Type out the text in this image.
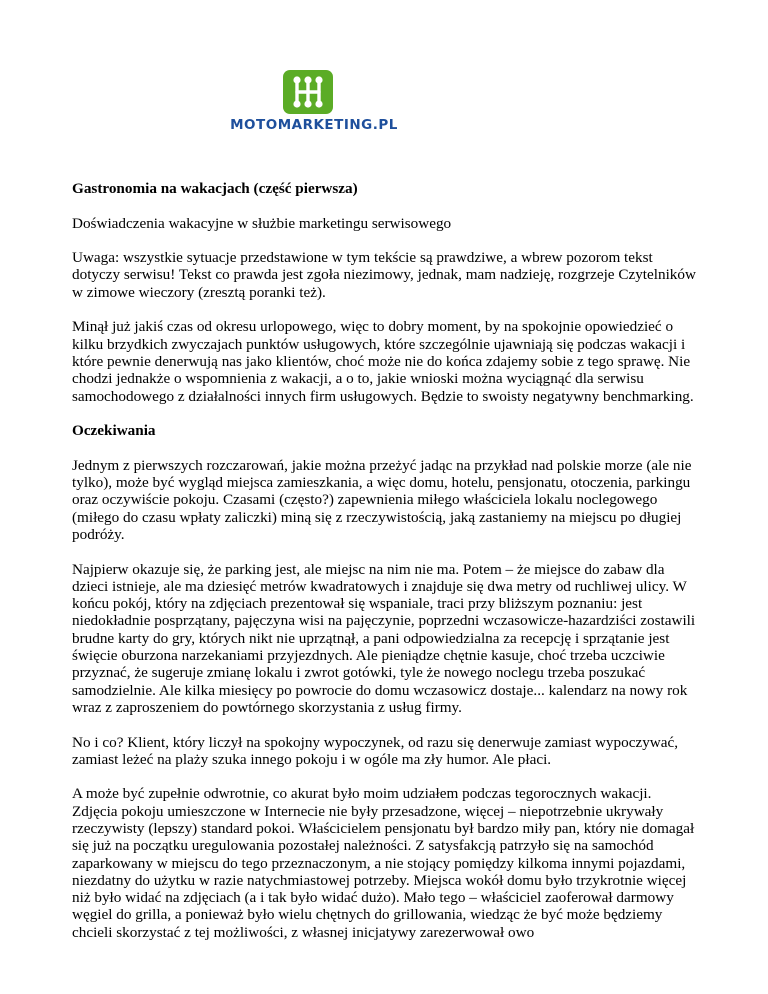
MOTOMARKETING.PL

Gastronomia na wakacjach (część pierwsza)

Doświadczenia wakacyjne w służbie marketingu serwisowego

Uwaga: wszystkie sytuacje przedstawione w tym tekście są prawdziwe, a wbrew pozorom tekst dotyczy serwisu! Tekst co prawda jest zgoła niezimowy, jednak, mam nadzieję, rozgrzeje Czytelników w zimowe wieczory (zresztą poranki też).

Minął już jakiś czas od okresu urlopowego, więc to dobry moment, by na spokojnie opowiedzieć o kilku brzydkich zwyczajach punktów usługowych, które szczególnie ujawniają się podczas wakacji i które pewnie denerwują nas jako klientów, choć może nie do końca zdajemy sobie z tego sprawę. Nie chodzi jednakże o wspomnienia z wakacji, a o to, jakie wnioski można wyciągnąć dla serwisu samochodowego z działalności innych firm usługowych. Będzie to swoisty negatywny benchmarking.

Oczekiwania

Jednym z pierwszych rozczarowań, jakie można przeżyć jadąc na przykład nad polskie morze (ale nie tylko), może być wygląd miejsca zamieszkania, a więc domu, hotelu, pensjonatu, otoczenia, parkingu oraz oczywiście pokoju. Czasami (często?) zapewnienia miłego właściciela lokalu noclegowego (miłego do czasu wpłaty zaliczki) miną się z rzeczywistością, jaką zastaniemy na miejscu po długiej podróży.

Najpierw okazuje się, że parking jest, ale miejsc na nim nie ma. Potem – że miejsce do zabaw dla dzieci istnieje, ale ma dziesięć metrów kwadratowych i znajduje się dwa metry od ruchliwej ulicy. W końcu pokój, który na zdjęciach prezentował się wspaniale, traci przy bliższym poznaniu: jest niedokładnie posprzątany, pajęczyna wisi na pajęczynie, poprzedni wczasowicze-hazardziści zostawili brudne karty do gry, których nikt nie uprzątnął, a pani odpowiedzialna za recepcję i sprzątanie jest święcie oburzona narzekaniami przyjezdnych. Ale pieniądze chętnie kasuje, choć trzeba uczciwie przyznać, że sugeruje zmianę lokalu i zwrot gotówki, tyle że nowego noclegu trzeba poszukać samodzielnie. Ale kilka miesięcy po powrocie do domu wczasowicz dostaje... kalendarz na nowy rok wraz z zaproszeniem do powtórnego skorzystania z usług firmy.

No i co? Klient, który liczył na spokojny wypoczynek, od razu się denerwuje zamiast wypoczywać, zamiast leżeć na plaży szuka innego pokoju i w ogóle ma zły humor. Ale płaci.

A może być zupełnie odwrotnie, co akurat było moim udziałem podczas tegorocznych wakacji. Zdjęcia pokoju umieszczone w Internecie nie były przesadzone, więcej – niepotrzebnie ukrywały rzeczywisty (lepszy) standard pokoi. Właścicielem pensjonatu był bardzo miły pan, który nie domagał się już na początku uregulowania pozostałej należności. Z satysfakcją patrzyło się na samochód zaparkowany w miejscu do tego przeznaczonym, a nie stojący pomiędzy kilkoma innymi pojazdami, niezdatny do użytku w razie natychmiastowej potrzeby. Miejsca wokół domu było trzykrotnie więcej niż było widać na zdjęciach (a i tak było widać dużo). Mało tego – właściciel zaoferował darmowy węgiel do grilla, a ponieważ było wielu chętnych do grillowania, wiedząc że być może będziemy chcieli skorzystać z tej możliwości, z własnej inicjatywy zarezerwował owo
